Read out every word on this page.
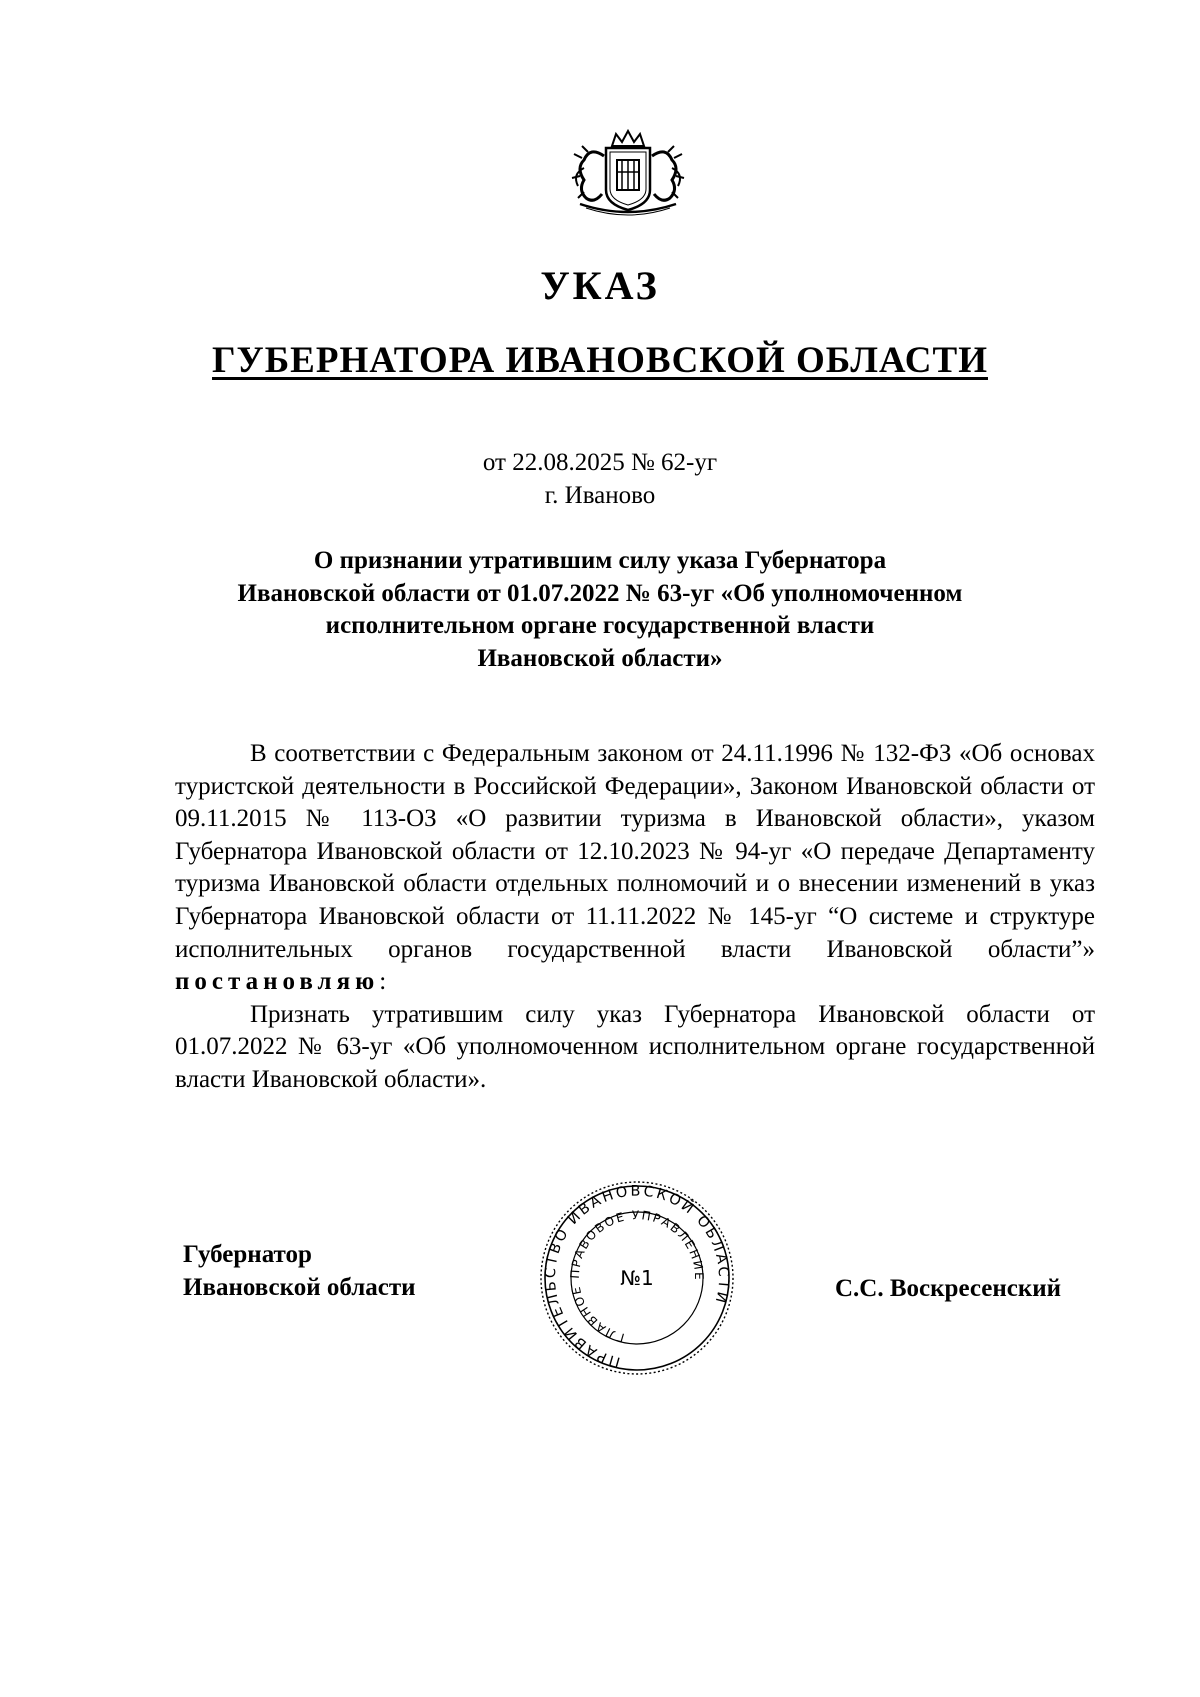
УКАЗ
ГУБЕРНАТОРА ИВАНОВСКОЙ ОБЛАСТИ
от 22.08.2025 № 62-уг
г. Иваново
О признании утратившим силу указа Губернатора
Ивановской области от 01.07.2022 № 63-уг «Об уполномоченном
исполнительном органе государственной власти
Ивановской области»

В соответствии с Федеральным законом от 24.11.1996 № 132-ФЗ «Об основах туристской деятельности в Российской Федерации», Законом Ивановской области от 09.11.2015 № 113-ОЗ «О развитии туризма в Ивановской области», указом Губернатора Ивановской области от 12.10.2023 № 94-уг «О передаче Департаменту туризма Ивановской области отдельных полномочий и о внесении изменений в указ Губернатора Ивановской области от 11.11.2022 № 145-уг “О системе и структуре исполнительных органов государственной власти Ивановской области”» постановляю:

Признать утратившим силу указ Губернатора Ивановской области от 01.07.2022 № 63-уг «Об уполномоченном исполнительном органе государственной власти Ивановской области».

Губернатор
Ивановской области
ПРАВИТЕЛЬСТВО ИВАНОВСКОЙ ОБЛАСТИ
ГЛАВНОЕ ПРАВОВОЕ УПРАВЛЕНИЕ
№1	С.С. Воскресенский
